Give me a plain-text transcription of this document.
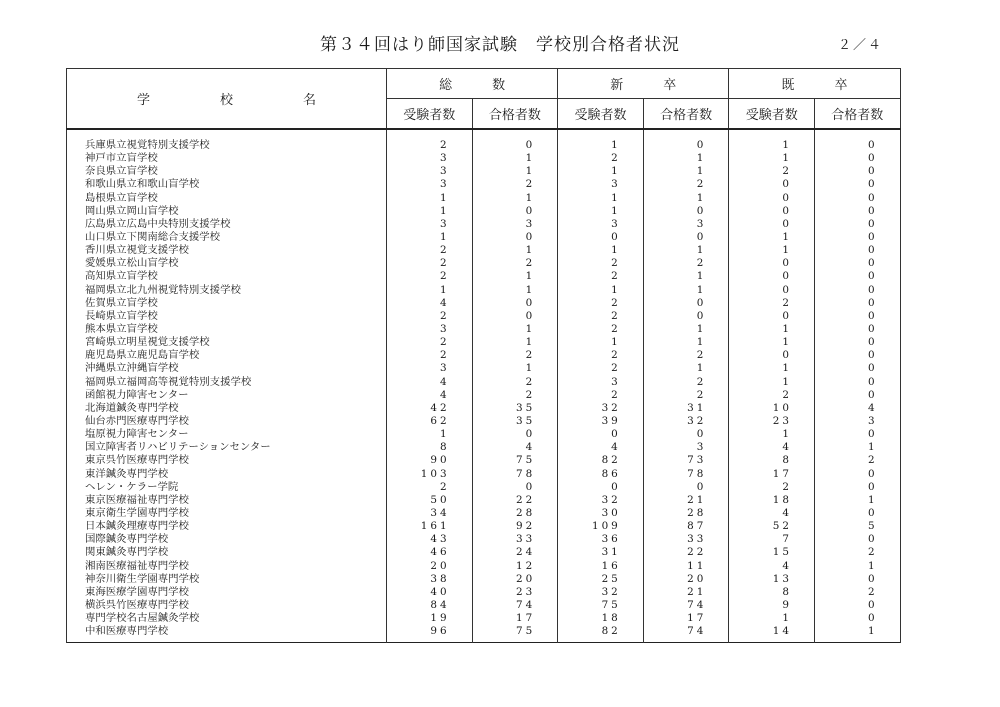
第３４回はり師国家試験　学校別合格者状況	２／４
学校名	総数		新卒		既卒	
	受験者数	合格者数	受験者数	合格者数	受験者数	合格者数

兵庫県立視覚特別支援学校	2	0	1	0	1	0
神戸市立盲学校	3	1	2	1	1	0
奈良県立盲学校	3	1	1	1	2	0
和歌山県立和歌山盲学校	3	2	3	2	0	0
島根県立盲学校	1	1	1	1	0	0
岡山県立岡山盲学校	1	0	1	0	0	0
広島県立広島中央特別支援学校	3	3	3	3	0	0
山口県立下関南総合支援学校	1	0	0	0	1	0
香川県立視覚支援学校	2	1	1	1	1	0
愛媛県立松山盲学校	2	2	2	2	0	0
高知県立盲学校	2	1	2	1	0	0
福岡県立北九州視覚特別支援学校	1	1	1	1	0	0
佐賀県立盲学校	4	0	2	0	2	0
長崎県立盲学校	2	0	2	0	0	0
熊本県立盲学校	3	1	2	1	1	0
宮崎県立明星視覚支援学校	2	1	1	1	1	0
鹿児島県立鹿児島盲学校	2	2	2	2	0	0
沖縄県立沖縄盲学校	3	1	2	1	1	0
福岡県立福岡高等視覚特別支援学校	4	2	3	2	1	0
函館視力障害センター	4	2	2	2	2	0
北海道鍼灸専門学校	42	35	32	31	10	4
仙台赤門医療専門学校	62	35	39	32	23	3
塩原視力障害センター	1	0	0	0	1	0
国立障害者リハビリテーションセンター	8	4	4	3	4	1
東京呉竹医療専門学校	90	75	82	73	8	2
東洋鍼灸専門学校	103	78	86	78	17	0
ヘレン・ケラー学院	2	0	0	0	2	0
東京医療福祉専門学校	50	22	32	21	18	1
東京衛生学園専門学校	34	28	30	28	4	0
日本鍼灸理療専門学校	161	92	109	87	52	5
国際鍼灸専門学校	43	33	36	33	7	0
関東鍼灸専門学校	46	24	31	22	15	2
湘南医療福祉専門学校	20	12	16	11	4	1
神奈川衛生学園専門学校	38	20	25	20	13	0
東海医療学園専門学校	40	23	32	21	8	2
横浜呉竹医療専門学校	84	74	75	74	9	0
専門学校名古屋鍼灸学校	19	17	18	17	1	0
中和医療専門学校	96	75	82	74	14	1
